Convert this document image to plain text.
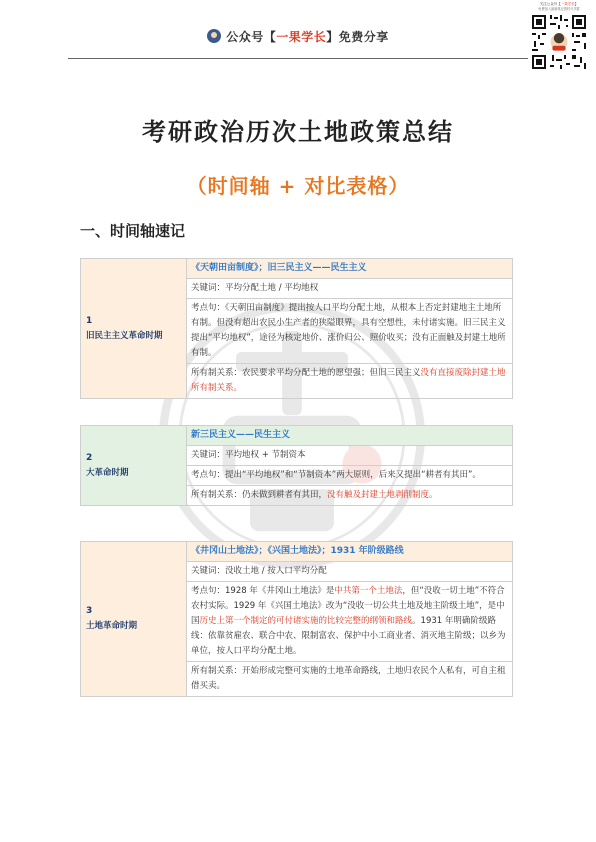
公众号【一果学长】免费分享
关注公众号【一果学长】
免费加入最新笔记资料分享群
考研政治历次土地政策总结
（时间轴 + 对比表格）
一、时间轴速记
1
旧民主主义革命时期
	《天朝田亩制度》；旧三民主义——民生主义
关键词：平均分配土地 / 平均地权
考点句：《天朝田亩制度》提出按人口平均分配土地，从根本上否定封建地主土地所有制。但没有超出农民小生产者的狭隘眼界，具有空想性，未付诸实施。旧三民主义提出“平均地权”，途径为核定地价、涨价归公、照价收买；没有正面触及封建土地所有制。
所有制关系：农民要求平均分配土地的愿望强；但旧三民主义没有直接废除封建土地所有制关系。
2
大革命时期
	新三民主义——民生主义
关键词：平均地权 + 节制资本
考点句：提出“平均地权”和“节制资本”两大原则，后来又提出“耕者有其田”。
所有制关系：仍未做到耕者有其田，没有触及封建土地剥削制度。
3
土地革命时期
	《井冈山土地法》；《兴国土地法》；1931 年阶级路线
关键词：没收土地 / 按人口平均分配
考点句：1928 年《井冈山土地法》是中共第一个土地法，但“没收一切土地”不符合农村实际。1929 年《兴国土地法》改为“没收一切公共土地及地主阶级土地”，是中国历史上第一个制定的可付诸实施的比较完整的纲领和路线。1931 年明确阶级路线：依靠贫雇农、联合中农、限制富农、保护中小工商业者、消灭地主阶级；以乡为单位，按人口平均分配土地。
所有制关系：开始形成完整可实施的土地革命路线，土地归农民个人私有，可自主租借买卖。
